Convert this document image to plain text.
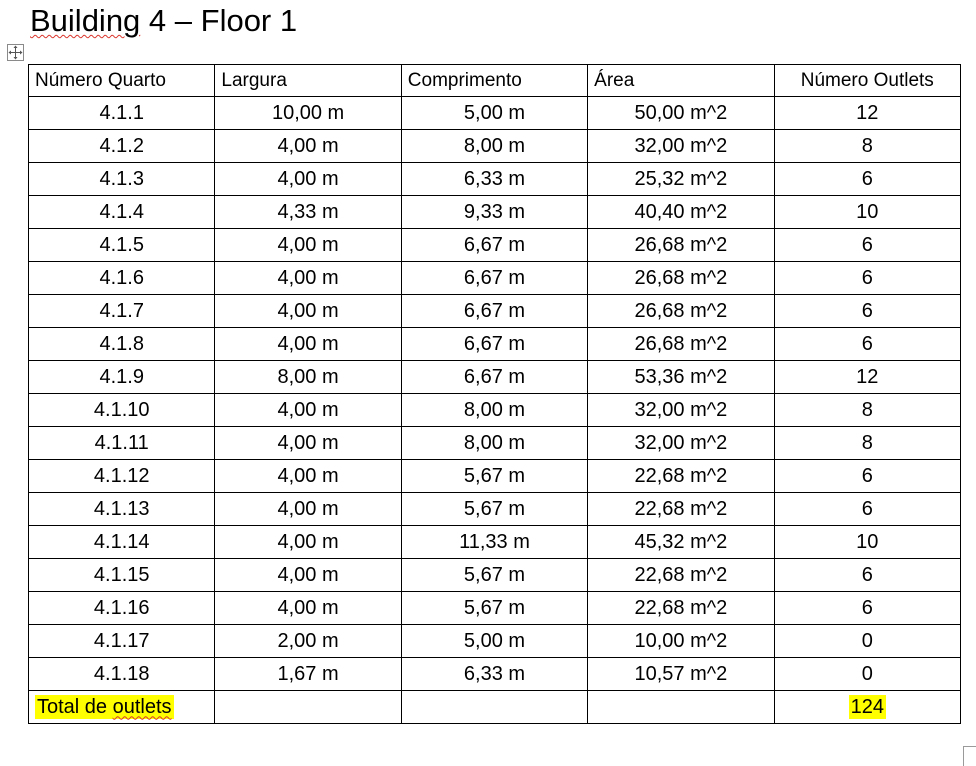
Building 4 – Floor 1
Número Quarto	Largura	Comprimento	Área	Número Outlets
4.1.1	10,00 m	5,00 m	50,00 m^2	12
4.1.2	4,00 m	8,00 m	32,00 m^2	8
4.1.3	4,00 m	6,33 m	25,32 m^2	6
4.1.4	4,33 m	9,33 m	40,40 m^2	10
4.1.5	4,00 m	6,67 m	26,68 m^2	6
4.1.6	4,00 m	6,67 m	26,68 m^2	6
4.1.7	4,00 m	6,67 m	26,68 m^2	6
4.1.8	4,00 m	6,67 m	26,68 m^2	6
4.1.9	8,00 m	6,67 m	53,36 m^2	12
4.1.10	4,00 m	8,00 m	32,00 m^2	8
4.1.11	4,00 m	8,00 m	32,00 m^2	8
4.1.12	4,00 m	5,67 m	22,68 m^2	6
4.1.13	4,00 m	5,67 m	22,68 m^2	6
4.1.14	4,00 m	11,33 m	45,32 m^2	10
4.1.15	4,00 m	5,67 m	22,68 m^2	6
4.1.16	4,00 m	5,67 m	22,68 m^2	6
4.1.17	2,00 m	5,00 m	10,00 m^2	0
4.1.18	1,67 m	6,33 m	10,57 m^2	0
Total de outlets				124
